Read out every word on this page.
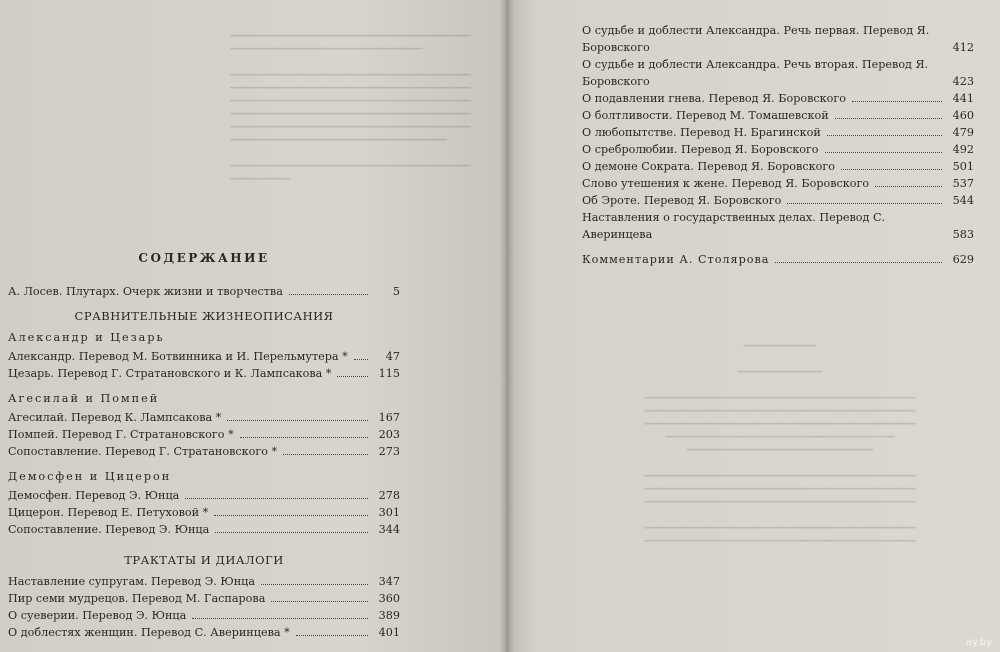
━━━━━━━━━━━━━━━━━━━━━━━━━━━━━━━━━━━━━━━━
━━━━━━━━━━━━━━━━━━━━━━━━━━━━━━━━

━━━━━━━━━━━━━━━━━━━━━━━━━━━━━━━━━━━━━━━━
━━━━━━━━━━━━━━━━━━━━━━━━━━━━━━━━━━━━━━━━
━━━━━━━━━━━━━━━━━━━━━━━━━━━━━━━━━━━━━━━━
━━━━━━━━━━━━━━━━━━━━━━━━━━━━━━━━━━━━━━━━
━━━━━━━━━━━━━━━━━━━━━━━━━━━━━━━━━━━━━━━━
━━━━━━━━━━━━━━━━━━━━━━━━━━━━━━━━━━━━

━━━━━━━━━━━━━━━━━━━━━━━━━━━━━━━━━━━━━━━━
━━━━━━━━━━

СОДЕРЖАНИЕ

А. Лосев. Плутарх. Очерк жизни и творчества	5

СРАВНИТЕЛЬНЫЕ ЖИЗНЕОПИСАНИЯ

Александр и Цезарь

Александр. Перевод М. Ботвинника и И. Перельмутера *	47
Цезарь. Перевод Г. Стратановского и К. Лампсакова *	115

Агесилай и Помпей

Агесилай. Перевод К. Лампсакова *	167
Помпей. Перевод Г. Стратановского *	203
Сопоставление. Перевод Г. Стратановского *	273

Демосфен и Цицерон

Демосфен. Перевод Э. Юнца	278
Цицерон. Перевод Е. Петуховой *	301
Сопоставление. Перевод Э. Юнца	344

ТРАКТАТЫ И ДИАЛОГИ

Наставление супругам. Перевод Э. Юнца	347
Пир семи мудрецов. Перевод М. Гаспарова	360
О суеверии. Перевод Э. Юнца	389
О доблестях женщин. Перевод С. Аверинцева *	401
━━━━━━━━━━━━

━━━━━━━━━━━━━━

━━━━━━━━━━━━━━━━━━━━━━━━━━━━━━━━━━━━━━━━━━━━━
━━━━━━━━━━━━━━━━━━━━━━━━━━━━━━━━━━━━━━━━━━━━━
━━━━━━━━━━━━━━━━━━━━━━━━━━━━━━━━━━━━━━━━━━━━━
━━━━━━━━━━━━━━━━━━━━━━━━━━━━━━━━━━━━━━
━━━━━━━━━━━━━━━━━━━━━━━━━━━━━━━

━━━━━━━━━━━━━━━━━━━━━━━━━━━━━━━━━━━━━━━━━━━━━
━━━━━━━━━━━━━━━━━━━━━━━━━━━━━━━━━━━━━━━━━━━━━
━━━━━━━━━━━━━━━━━━━━━━━━━━━━━━━━━━━━━━━━━━━━━

━━━━━━━━━━━━━━━━━━━━━━━━━━━━━━━━━━━━━━━━━━━━━
━━━━━━━━━━━━━━━━━━━━━━━━━━━━━━━━━━━━━━━━━━━━━
ay.by
О судьбе и доблести Александра. Речь первая. Перевод Я. Боровского	412
О судьбе и доблести Александра. Речь вторая. Перевод Я. Боровского	423
О подавлении гнева. Перевод Я. Боровского	441
О болтливости. Перевод М. Томашевской	460
О любопытстве. Перевод Н. Брагинской	479
О сребролюбии. Перевод Я. Боровского	492
О демоне Сократа. Перевод Я. Боровского	501
Слово утешения к жене. Перевод Я. Боровского	537
Об Эроте. Перевод Я. Боровского	544
Наставления о государственных делах. Перевод С. Аверинцева	583
Комментарии А. Столярова	629
